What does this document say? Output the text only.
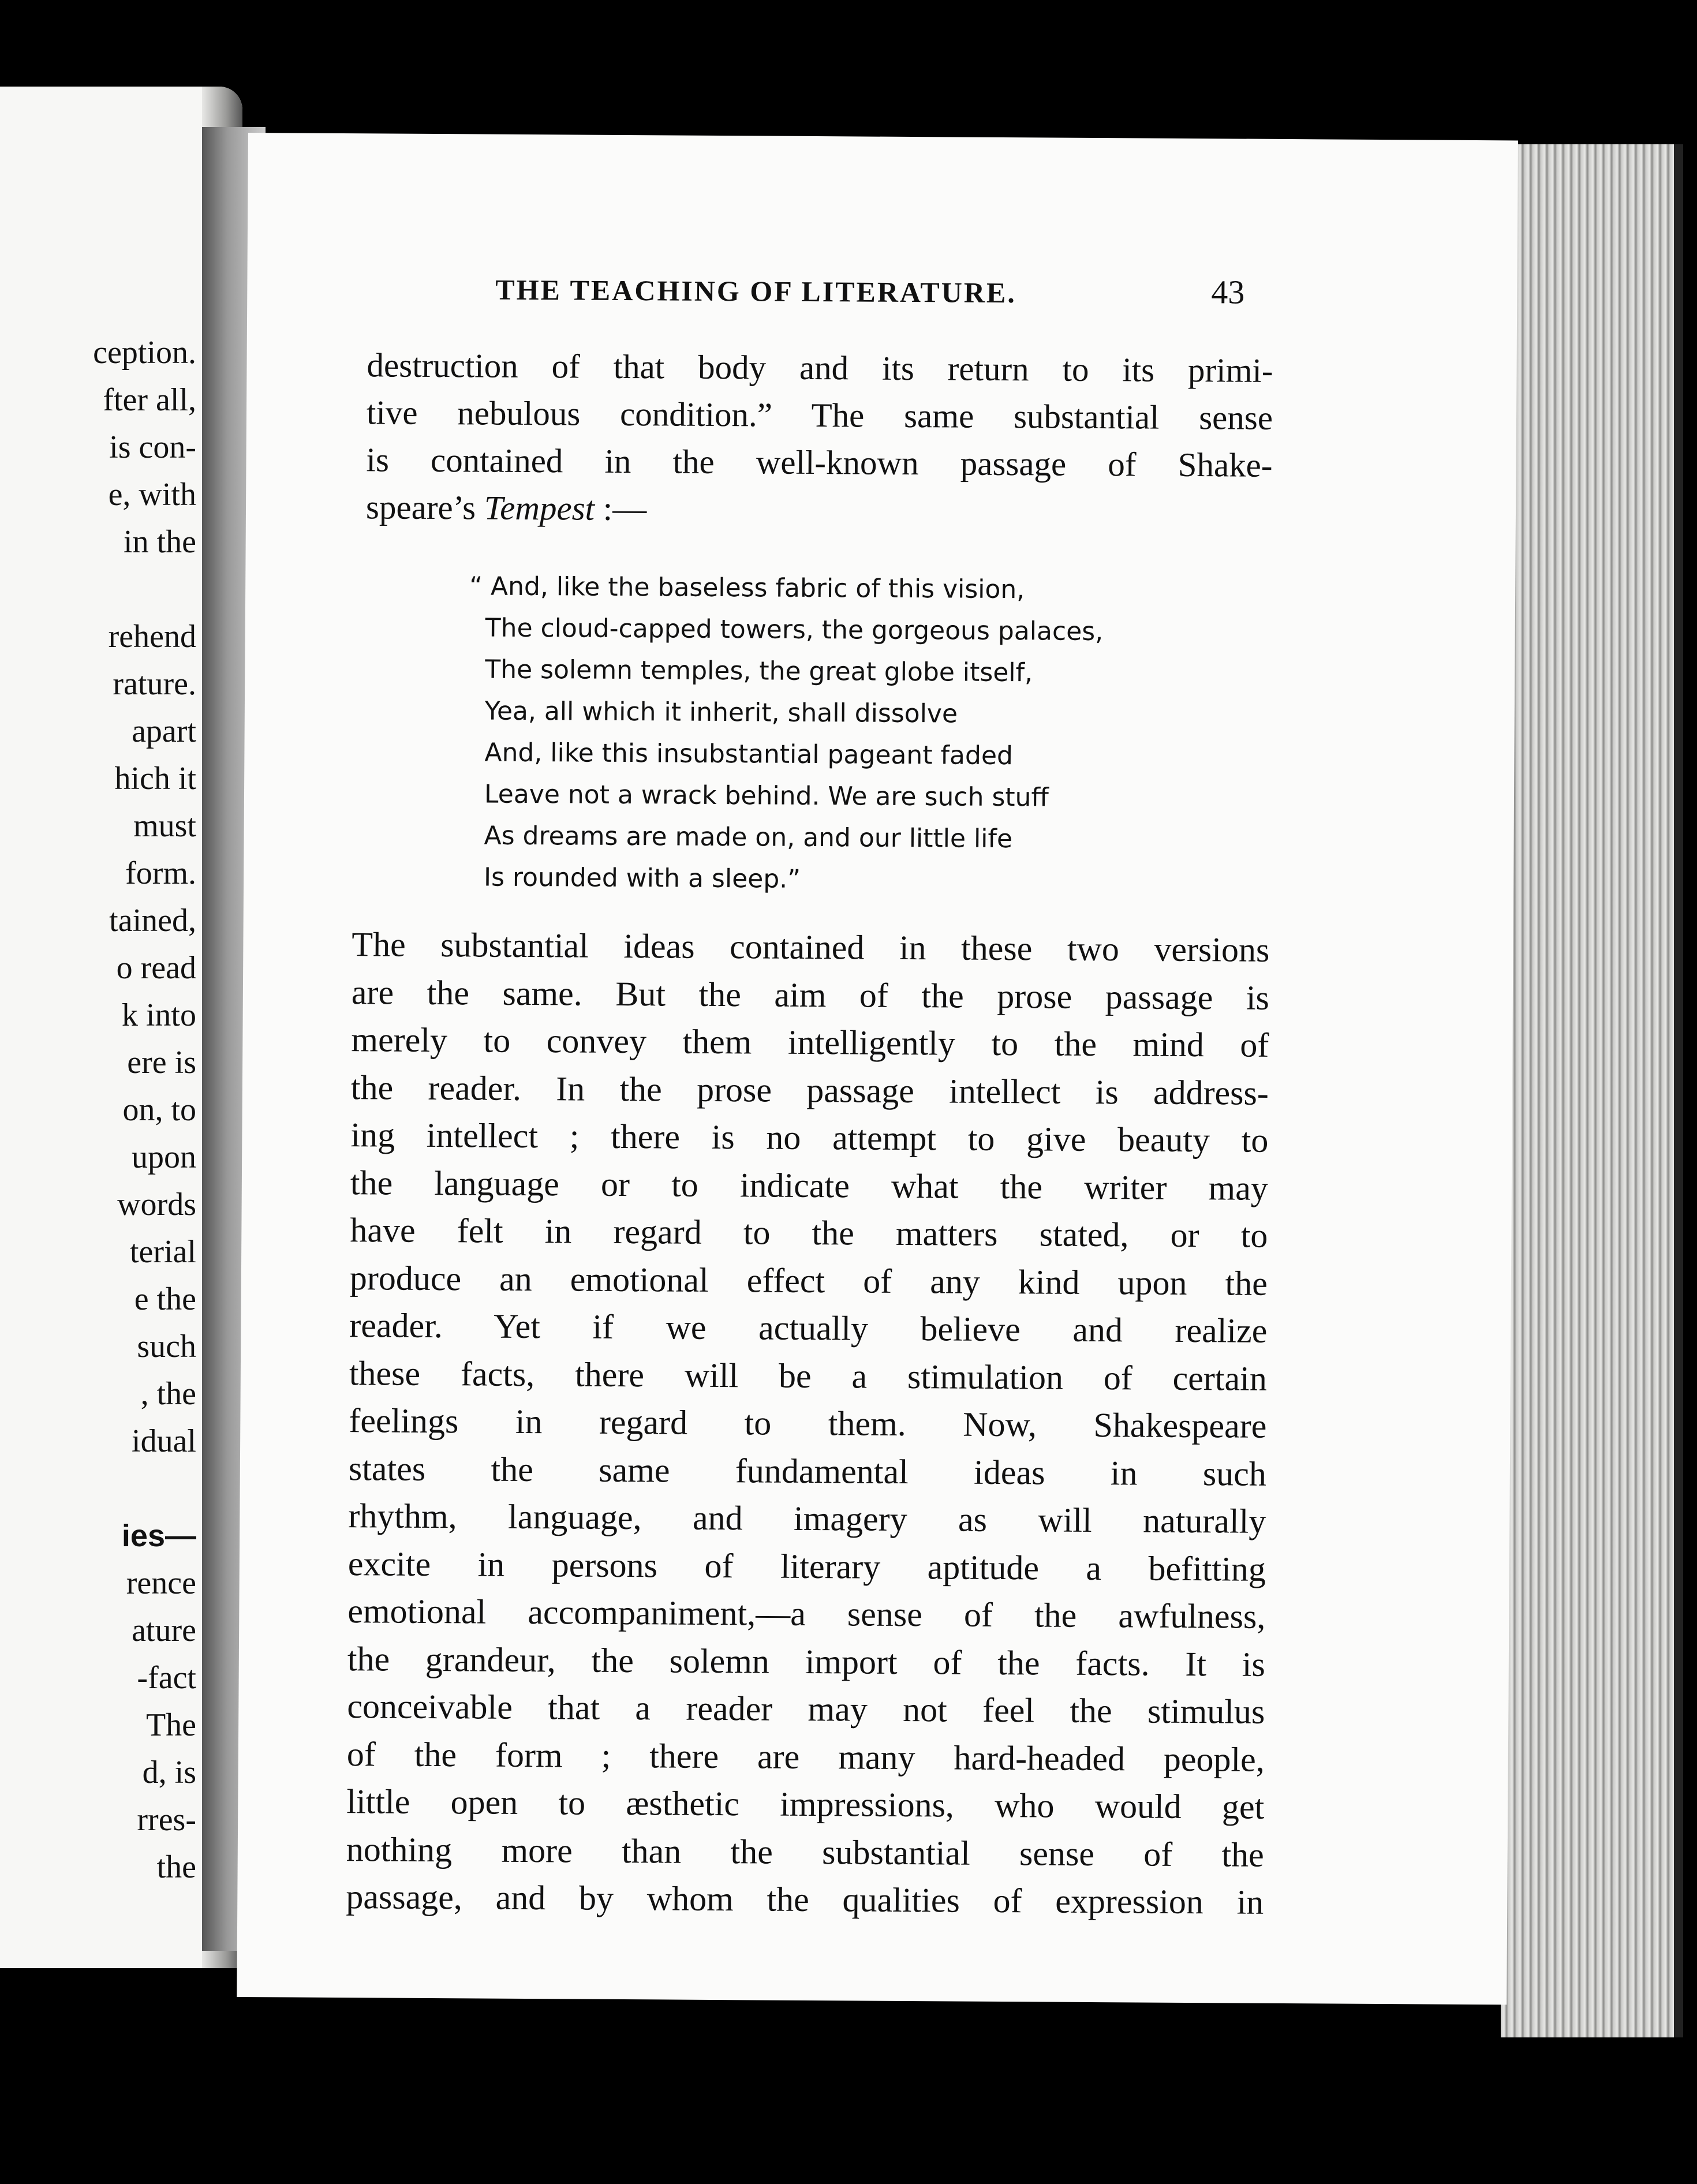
ception.
fter all,
is con-
e, with
in the
rehend
rature.
apart
hich it
must
form.
tained,
o read
k into
ere is
on, to
upon
words
terial
e the
such
, the
idual
ies—
rence
ature
-fact
The
d, is
rres-
the
THE TEACHING OF LITERATURE.	43
destruction of that body and its return to its primi-
tive nebulous condition.” The same substantial sense
is contained in the well-known passage of Shake-
speare’s Tempest :—
“ And, like the baseless fabric of this vision,
The cloud-capped towers, the gorgeous palaces,
The solemn temples, the great globe itself,
Yea, all which it inherit, shall dissolve
And, like this insubstantial pageant faded
Leave not a wrack behind. We are such stuff
As dreams are made on, and our little life
Is rounded with a sleep.”
The substantial ideas contained in these two versions
are the same. But the aim of the prose passage is
merely to convey them intelligently to the mind of
the reader. In the prose passage intellect is address-
ing intellect ; there is no attempt to give beauty to
the language or to indicate what the writer may
have felt in regard to the matters stated, or to
produce an emotional effect of any kind upon the
reader. Yet if we actually believe and realize
these facts, there will be a stimulation of certain
feelings in regard to them. Now, Shakespeare
states the same fundamental ideas in such
rhythm, language, and imagery as will naturally
excite in persons of literary aptitude a befitting
emotional accompaniment,—a sense of the awfulness,
the grandeur, the solemn import of the facts. It is
conceivable that a reader may not feel the stimulus
of the form ; there are many hard-headed people,
little open to æsthetic impressions, who would get
nothing more than the substantial sense of the
passage, and by whom the qualities of expression in
